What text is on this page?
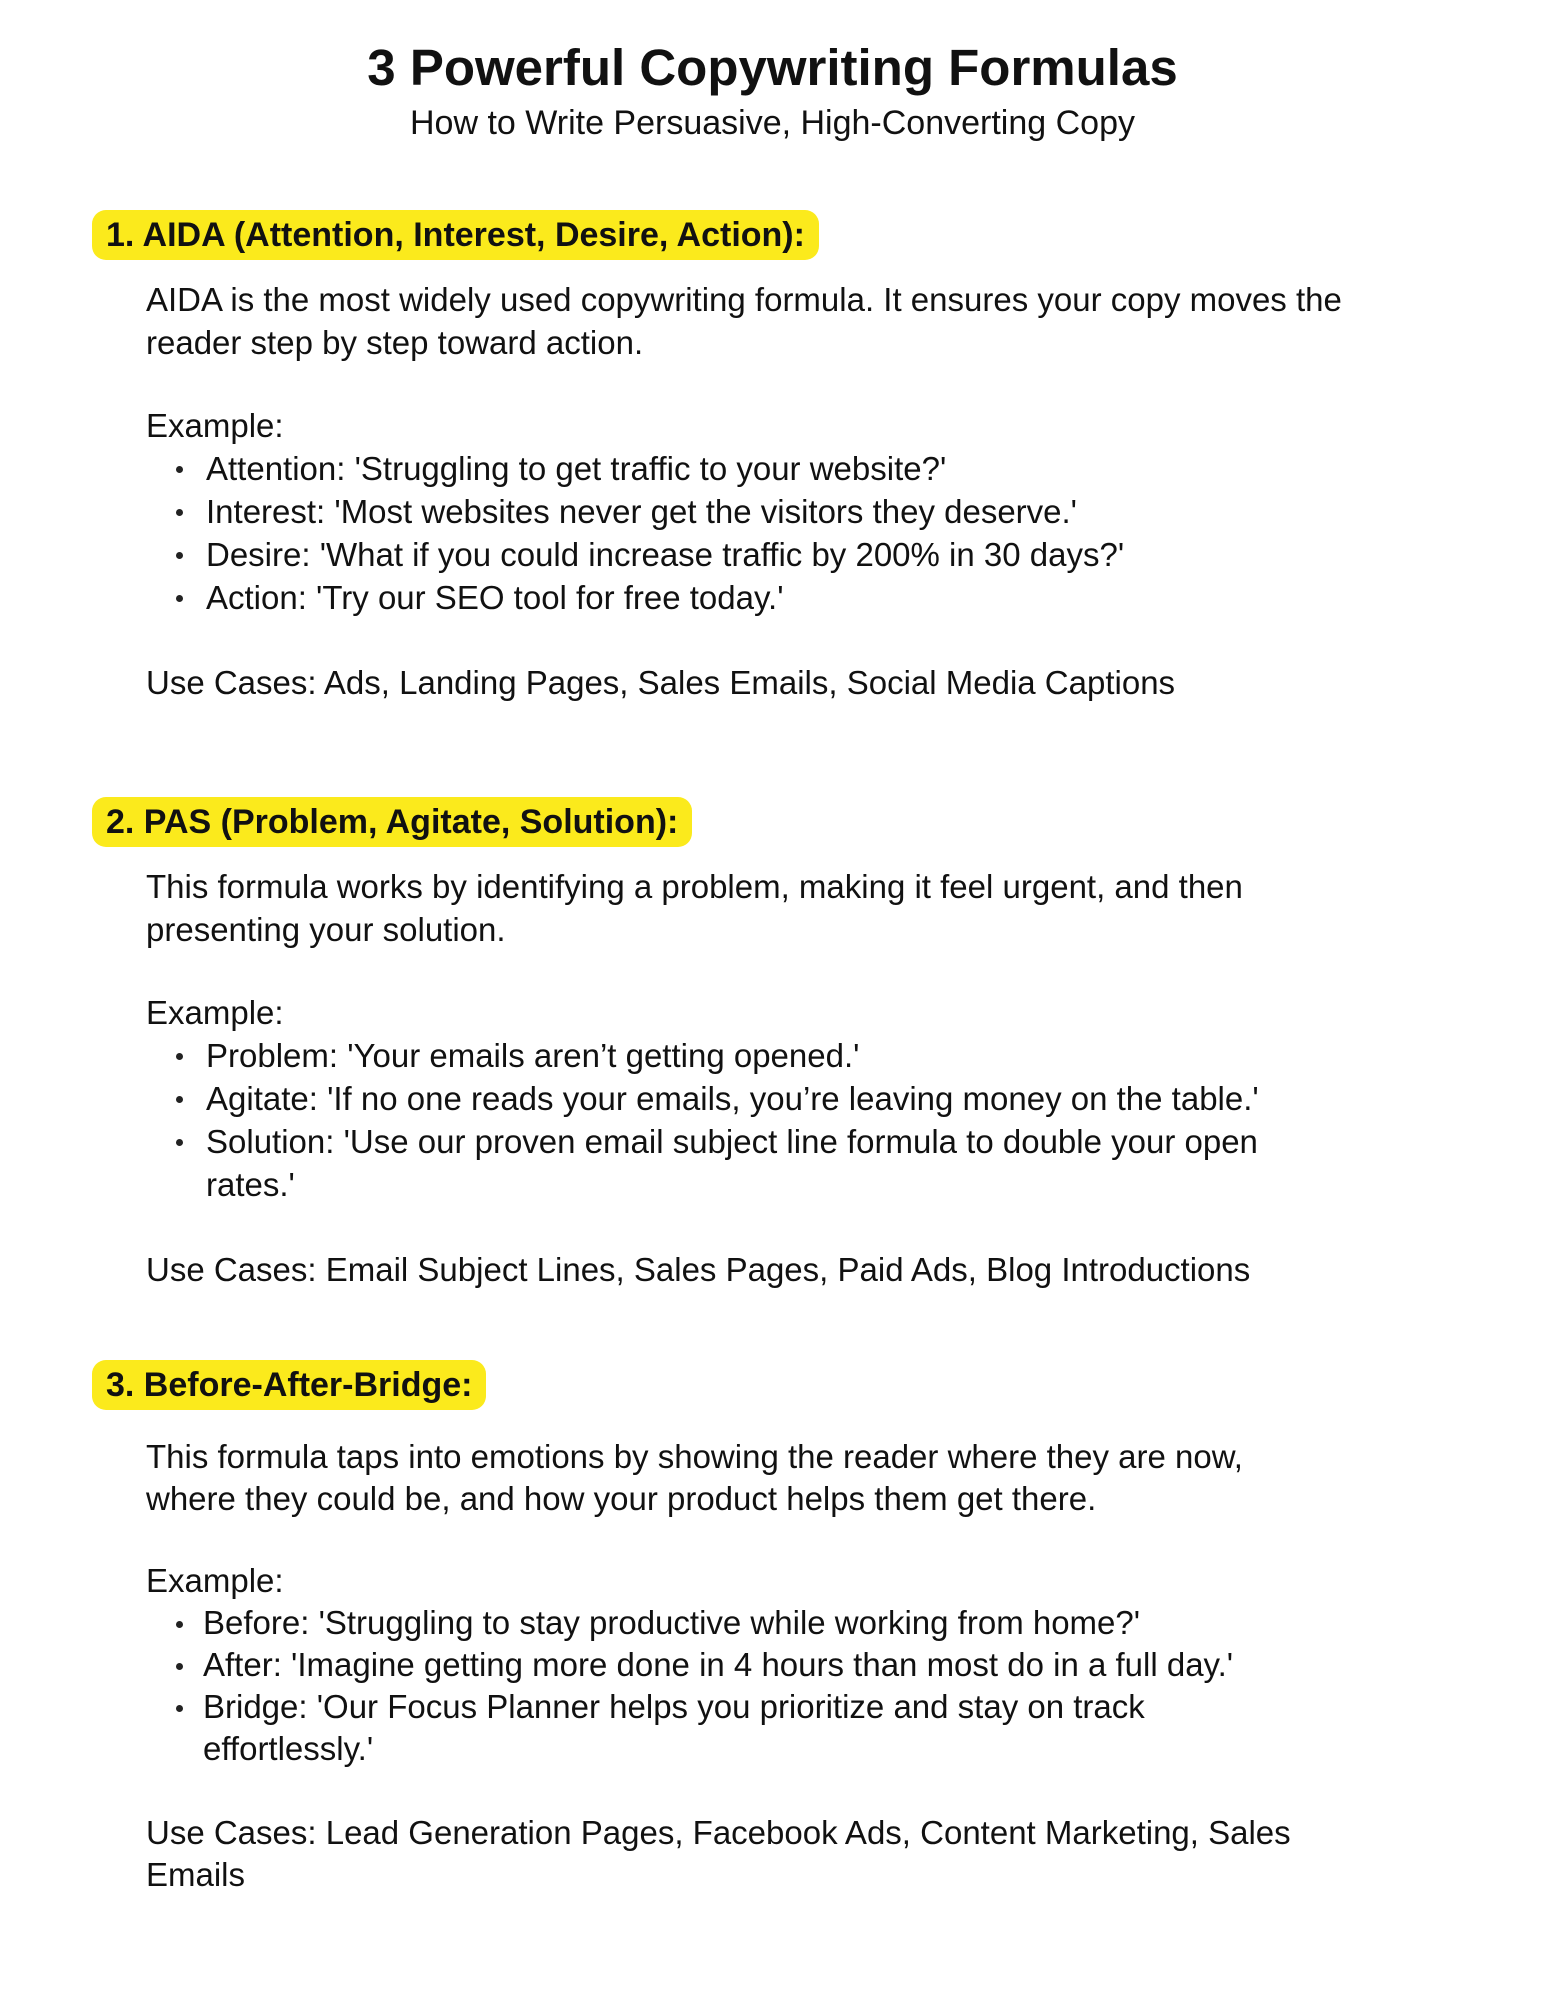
3 Powerful Copywriting Formulas
How to Write Persuasive, High-Converting Copy
1. AIDA (Attention, Interest, Desire, Action):

AIDA is the most widely used copywriting formula. It ensures your copy moves the reader step by step toward action.

Example:

Attention: 'Struggling to get traffic to your website?'
Interest: 'Most websites never get the visitors they deserve.'
Desire: 'What if you could increase traffic by 200% in 30 days?'
Action: 'Try our SEO tool for free today.'

Use Cases: Ads, Landing Pages, Sales Emails, Social Media Captions

2. PAS (Problem, Agitate, Solution):

This formula works by identifying a problem, making it feel urgent, and then presenting your solution.

Example:

Problem: 'Your emails aren’t getting opened.'
Agitate: 'If no one reads your emails, you’re leaving money on the table.'
Solution: 'Use our proven email subject line formula to double your open rates.'

Use Cases: Email Subject Lines, Sales Pages, Paid Ads, Blog Introductions

3. Before-After-Bridge:

This formula taps into emotions by showing the reader where they are now, where they could be, and how your product helps them get there.

Example:

Before: 'Struggling to stay productive while working from home?'
After: 'Imagine getting more done in 4 hours than most do in a full day.'
Bridge: 'Our Focus Planner helps you prioritize and stay on track effortlessly.'

Use Cases: Lead Generation Pages, Facebook Ads, Content Marketing, Sales Emails
